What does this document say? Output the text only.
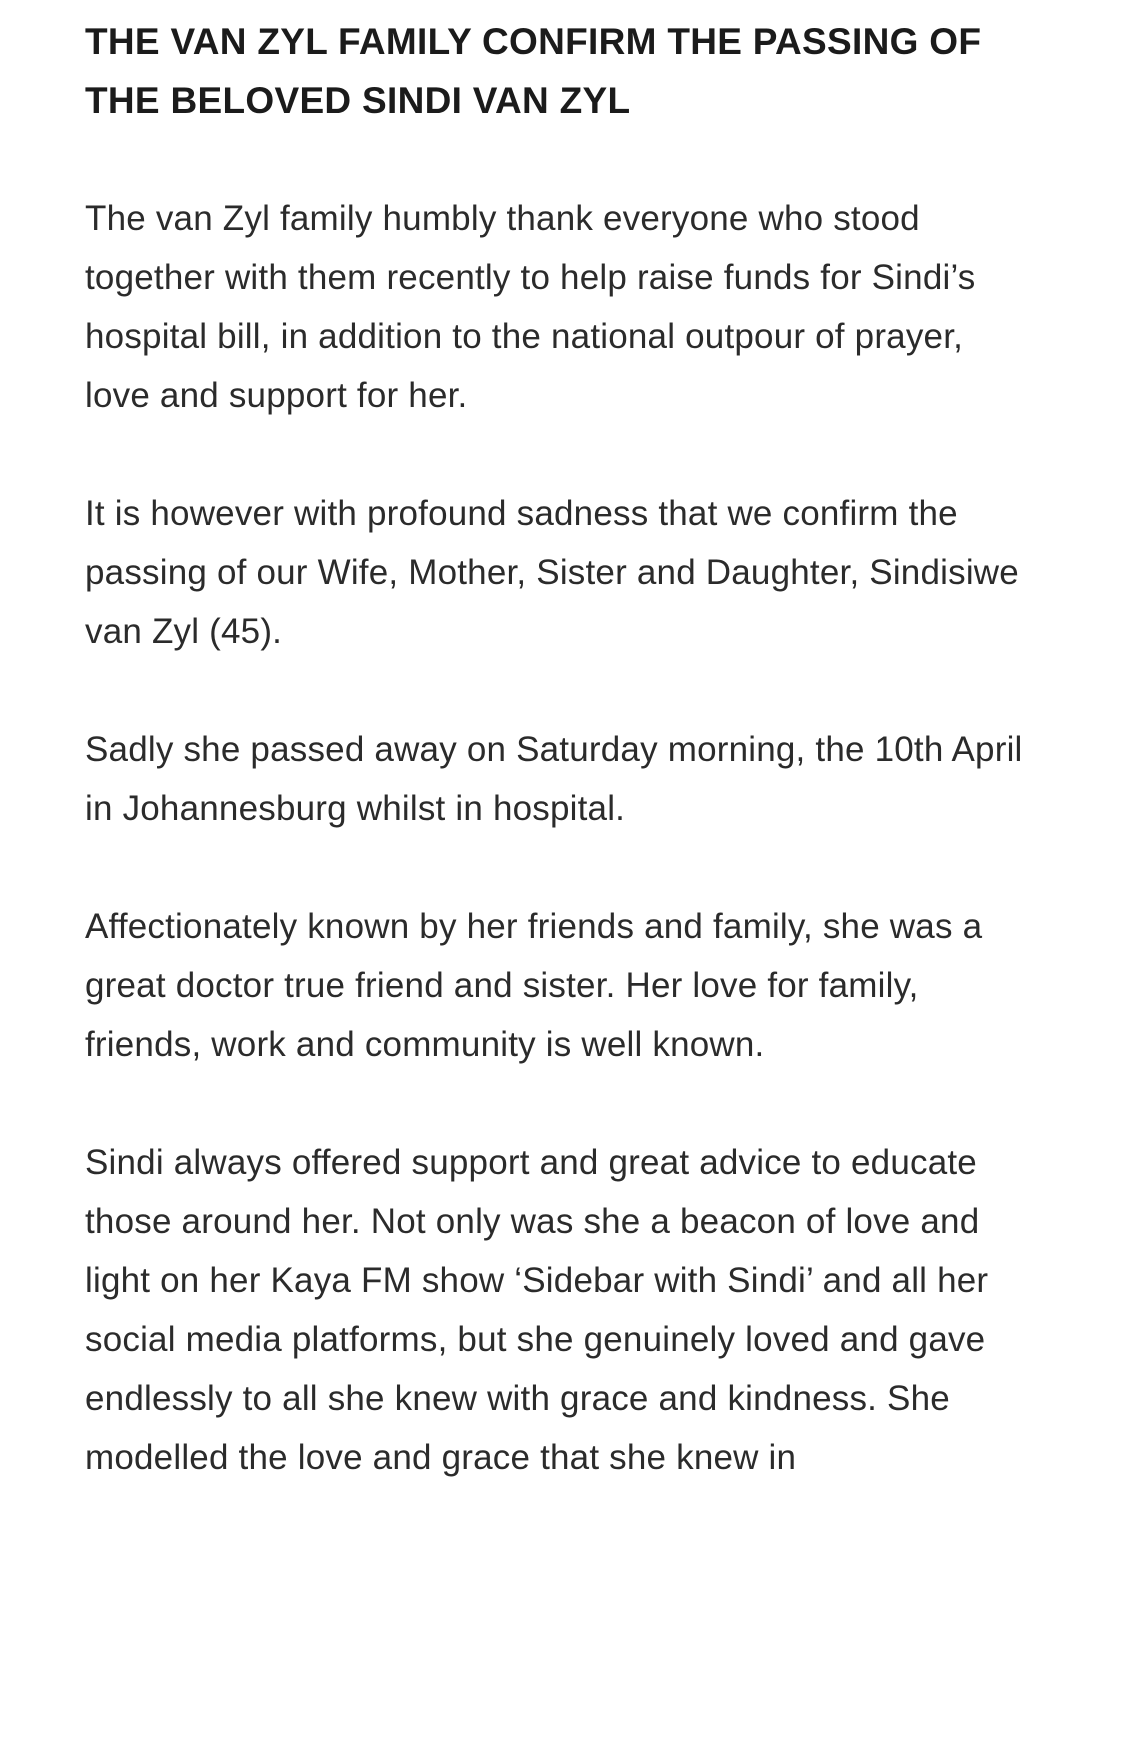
THE VAN ZYL FAMILY CONFIRM THE PASSING OF THE BELOVED SINDI VAN ZYL

The van Zyl family humbly thank everyone who stood together with them recently to help raise funds for Sindi’s hospital bill, in addition to the national outpour of prayer, love and support for her.

It is however with profound sadness that we confirm the passing of our Wife, Mother, Sister and Daughter, Sindisiwe van Zyl (45).

Sadly she passed away on Saturday morning, the 10th April in Johannesburg whilst in hospital.

Affectionately known by her friends and family, she was a great doctor true friend and sister. Her love for family, friends, work and community is well known.

Sindi always offered support and great advice to educate those around her. Not only was she a beacon of love and light on her Kaya FM show ‘Sidebar with Sindi’ and all her social media platforms, but she genuinely loved and gave endlessly to all she knew with grace and kindness. She modelled the love and grace that she knew in
